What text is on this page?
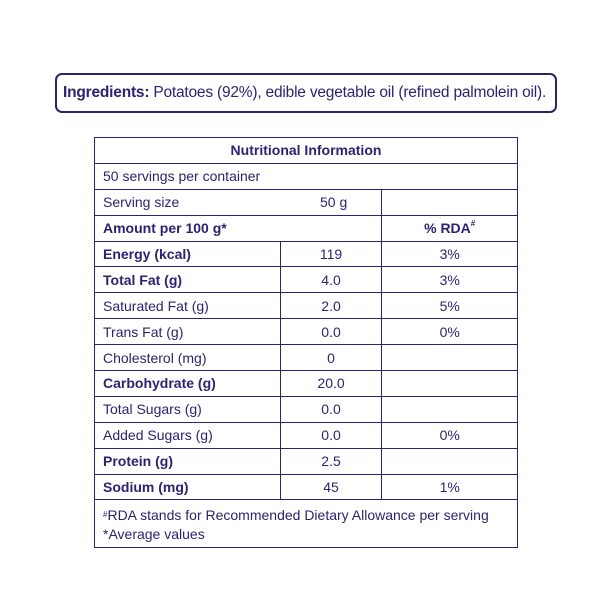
Ingredients: Potatoes (92%), edible vegetable oil (refined palmolein oil).
Nutritional Information		
50 servings per container		
Serving size 50 g		

Amount per 100 g*		% RDA#
Energy (kcal)	119	3%
Total Fat (g)	4.0	3%
Saturated Fat (g)	2.0	5%
Trans Fat (g)	0.0	0%
Cholesterol (mg)	0	
Carbohydrate (g)	20.0	
Total Sugars (g)	0.0	
Added Sugars (g)	0.0	0%
Protein (g)	2.5	
Sodium (mg)	45	1%

#RDA stands for Recommended Dietary Allowance per serving
*Average values		
